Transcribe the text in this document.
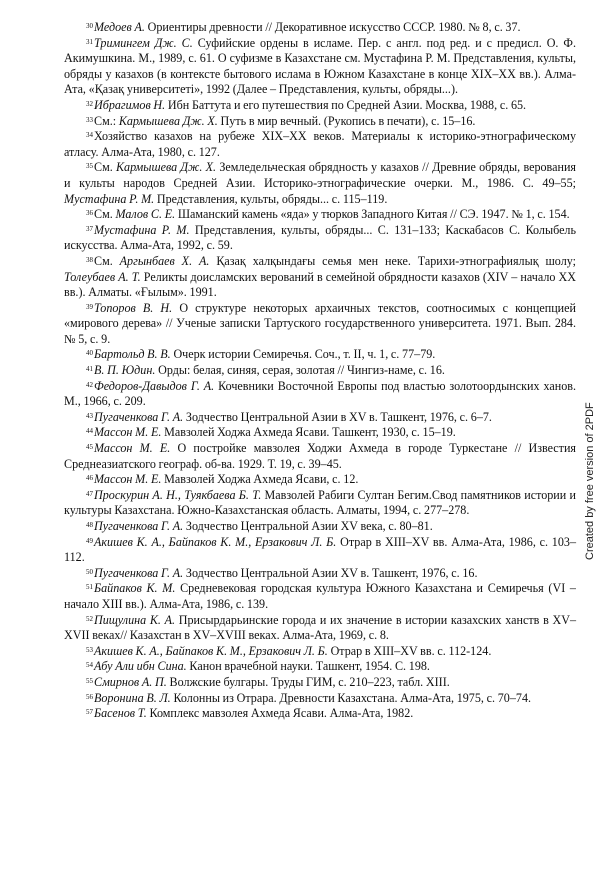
$^{30}$Медоев А. Ориентиры древности // Декоративное искусство СССР. 1980. № 8, с. 37.

$^{31}$Тримингем Дж. С. Суфийские ордены в исламе. Пер. с англ. под ред. и с предисл. О. Ф. Акимушкина. М., 1989, с. 61. О суфизме в Казахстане см. Мустафина Р. М. Представления, культы, обряды у казахов (в контексте бытового ислама в Южном Казахстане в конце XIX–XX вв.). Алма-Ата, «Қазақ университеті», 1992 (Далее – Представления, культы, обряды...).

$^{32}$Ибрагимов Н. Ибн Баттута и его путешествия по Средней Азии. Москва, 1988, с. 65.

$^{33}$См.: Кармышева Дж. Х. Путь в мир вечный. (Рукопись в печати), с. 15–16.

$^{34}$Хозяйство казахов на рубеже XIX–XX веков. Материалы к историко-этнографическому атласу. Алма-Ата, 1980, с. 127.

$^{35}$См. Кармышева Дж. Х. Земледельческая обрядность у казахов // Древние обряды, верования и культы народов Средней Азии. Историко-этнографические очерки. М., 1986. С. 49–55; Мустафина Р. М. Представления, культы, обряды... с. 115–119.

$^{36}$См. Малов С. Е. Шаманский камень «яда» у тюрков Западного Китая // СЭ. 1947. № 1, с. 154.

$^{37}$Мустафина Р. М. Представления, культы, обряды... С. 131–133; Каскабасов С. Колыбель искусства. Алма-Ата, 1992, с. 59.

$^{38}$См. Аргынбаев Х. А. Қазақ халқындағы семья мен неке. Тарихи-этнографиялық шолу; Толеубаев А. Т. Реликты доисламских верований в семейной обрядности казахов (XIV – начало XX вв.). Алматы. «Ғылым». 1991.

$^{39}$Топоров В. Н. О структуре некоторых архаичных текстов, соотносимых с концепцией «мирового дерева» // Ученые записки Тартуского государственного университета. 1971. Вып. 284. № 5, с. 9.

$^{40}$Бартольд В. В. Очерк истории Семиречья. Соч., т. II, ч. 1, с. 77–79.

$^{41}$В. П. Юдин. Орды: белая, синяя, серая, золотая // Чингиз-наме, с. 16.

$^{42}$Федоров-Давыдов Г. А. Кочевники Восточной Европы под властью золотоордынских ханов. М., 1966, с. 209.

$^{43}$Пугаченкова Г. А. Зодчество Центральной Азии в XV в. Ташкент, 1976, с. 6–7.

$^{44}$Массон М. Е. Мавзолей Ходжа Ахмеда Ясави. Ташкент, 1930, с. 15–19.

$^{45}$Массон М. Е. О постройке мавзолея Ходжи Ахмеда в городе Туркестане // Известия Среднеазиатского географ. об-ва. 1929. Т. 19, с. 39–45.

$^{46}$Массон М. Е. Мавзолей Ходжа Ахмеда Ясави, с. 12.

$^{47}$Проскурин А. Н., Туякбаева Б. Т. Мавзолей Рабиги Султан Бегим.Свод памятников истории и культуры Казахстана. Южно-Казахстанская область. Алматы, 1994, с. 277–278.

$^{48}$Пугаченкова Г. А. Зодчество Центральной Азии XV века, с. 80–81.

$^{49}$Акишев К. А., Байпаков К. М., Ерзакович Л. Б. Отрар в XIII–XV вв. Алма-Ата, 1986, с. 103–112.

$^{50}$Пугаченкова Г. А. Зодчество Центральной Азии XV в. Ташкент, 1976, с. 16.

$^{51}$Байпаков К. М. Средневековая городская культура Южного Казахстана и Семиречья (VI – начало XIII вв.). Алма-Ата, 1986, с. 139.

$^{52}$Пищулина К. А. Присырдарьинские города и их значение в истории казахских ханств в XV–XVII веках// Казахстан в XV–XVIII веках. Алма-Ата, 1969, с. 8.

$^{53}$Акишев К. А., Байпаков К. М., Ерзакович Л. Б. Отрар в XIII–XV вв. с. 112-124.

$^{54}$Абу Али ибн Сина. Канон врачебной науки. Ташкент, 1954. С. 198.

$^{55}$Смирнов А. П. Волжские булгары. Труды ГИМ, с. 210–223, табл. XIII.

$^{56}$Воронина В. Л. Колонны из Отрара. Древности Казахстана. Алма-Ата, 1975, с. 70–74.

$^{57}$Басенов Т. Комплекс мавзолея Ахмеда Ясави. Алма-Ата, 1982.

Created by free version of 2PDF
